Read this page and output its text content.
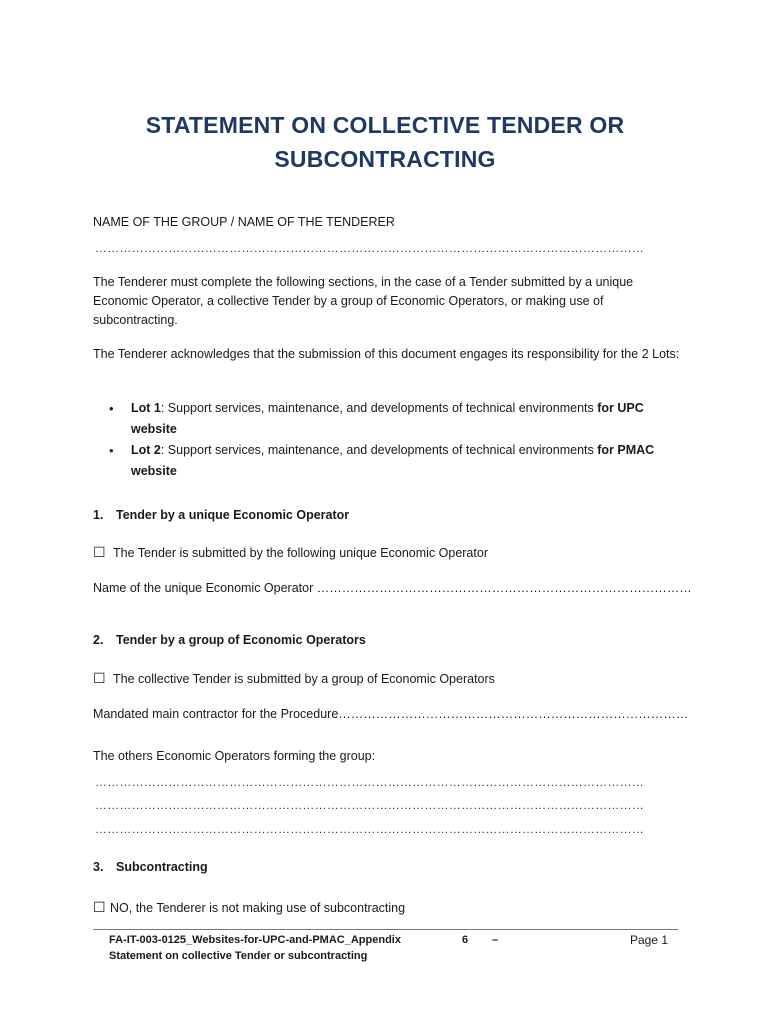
STATEMENT ON COLLECTIVE TENDER OR
SUBCONTRACTING
NAME OF THE GROUP / NAME OF THE TENDERER
………………………………………………………………………………………………………………………
The Tenderer must complete the following sections, in the case of a Tender submitted by a unique Economic Operator, a collective Tender by a group of Economic Operators, or making use of subcontracting.
The Tenderer acknowledges that the submission of this document engages its responsibility for the 2 Lots:
• Lot 1: Support services, maintenance, and developments of technical environments for UPC website
• Lot 2: Support services, maintenance, and developments of technical environments for PMAC website
1. Tender by a unique Economic Operator
☐ The Tender is submitted by the following unique Economic Operator
Name of the unique Economic Operator ………………………………………………………………………………
2. Tender by a group of Economic Operators
☐ The collective Tender is submitted by a group of Economic Operators
Mandated main contractor for the Procedure…………………………………………………………………………
The others Economic Operators forming the group:
………………………………………………………………………………………………………………………
………………………………………………………………………………………………………………………
………………………………………………………………………………………………………………………
3. Subcontracting
☐ NO, the Tenderer is not making use of subcontracting
FA-IT-003-0125_Websites-for-UPC-and-PMAC_Appendix	6 –
Statement on collective Tender or subcontracting
Page 1
